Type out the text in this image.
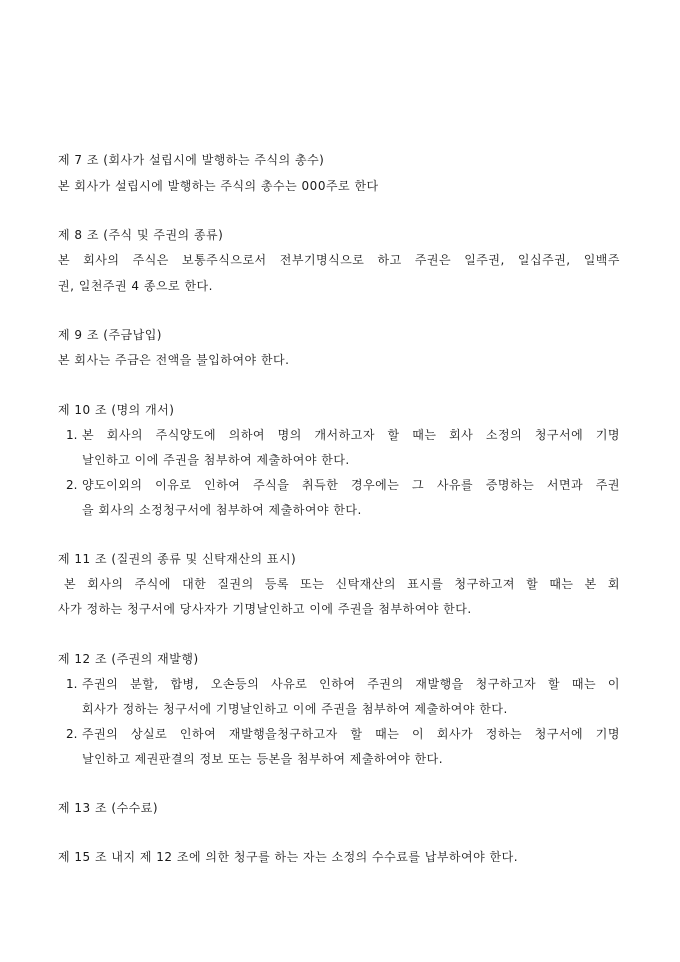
제 7 조 (회사가 설립시에 발행하는 주식의 총수)
본 회사가 설립시에 발행하는 주식의 총수는 000주로 한다
제 8 조 (주식 및 주권의 종류)
본 회사의 주식은 보통주식으로서 전부기명식으로 하고 주권은 일주권, 일십주권, 일백주
권, 일천주권 4 종으로 한다.
제 9 조 (주금납입)
본 회사는 주금은 전액을 불입하여야 한다.
제 10 조 (명의 개서)
1. 본 회사의 주식양도에 의하여 명의 개서하고자 할 때는 회사 소정의 청구서에 기명
날인하고 이에 주권을 첨부하여 제출하여야 한다.
2. 양도이외의 이유로 인하여 주식을 취득한 경우에는 그 사유를 증명하는 서면과 주권
을 회사의 소정청구서에 첨부하여 제출하여야 한다.
제 11 조 (질권의 종류 및 신탁재산의 표시)
본 회사의 주식에 대한 질권의 등록 또는 신탁재산의 표시를 청구하고져 할 때는 본 회
사가 정하는 청구서에 당사자가 기명날인하고 이에 주권을 첨부하여야 한다.
제 12 조 (주권의 재발행)
1. 주권의 분할, 합병, 오손등의 사유로 인하여 주권의 재발행을 청구하고자 할 때는 이
회사가 정하는 청구서에 기명날인하고 이에 주권을 첨부하여 제출하여야 한다.
2. 주권의 상실로 인하여 재발행을청구하고자 할 때는 이 회사가 정하는 청구서에 기명
날인하고 제권판결의 정보 또는 등본을 첨부하여 제출하여야 한다.
제 13 조 (수수료)
제 15 조 내지 제 12 조에 의한 청구를 하는 자는 소정의 수수료를 납부하여야 한다.
